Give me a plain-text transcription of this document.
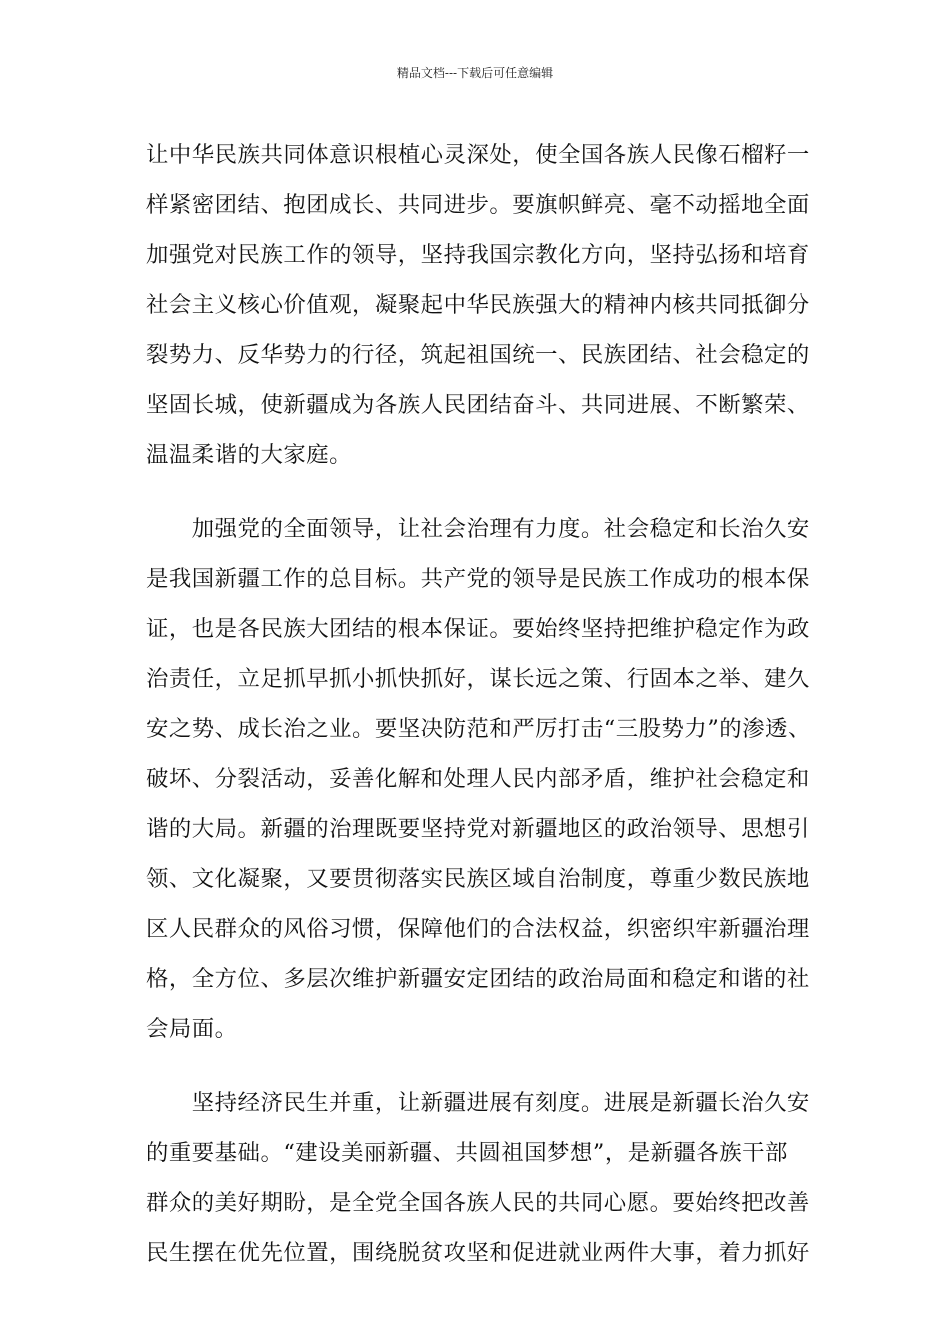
精品文档---下载后可任意编辑
让中华民族共同体意识根植心灵深处，使全国各族人民像石榴籽一
样紧密团结、抱团成长、共同进步。要旗帜鲜亮、毫不动摇地全面
加强党对民族工作的领导，坚持我国宗教化方向，坚持弘扬和培育
社会主义核心价值观，凝聚起中华民族强大的精神内核共同抵御分
裂势力、反华势力的行径，筑起祖国统一、民族团结、社会稳定的
坚固长城，使新疆成为各族人民团结奋斗、共同进展、不断繁荣、
温温柔谐的大家庭。
　　加强党的全面领导，让社会治理有力度。社会稳定和长治久安
是我国新疆工作的总目标。共产党的领导是民族工作成功的根本保
证，也是各民族大团结的根本保证。要始终坚持把维护稳定作为政
治责任，立足抓早抓小抓快抓好，谋长远之策、行固本之举、建久
安之势、成长治之业。要坚决防范和严厉打击“三股势力”的渗透、
破坏、分裂活动，妥善化解和处理人民内部矛盾，维护社会稳定和
谐的大局。新疆的治理既要坚持党对新疆地区的政治领导、思想引
领、文化凝聚，又要贯彻落实民族区域自治制度，尊重少数民族地
区人民群众的风俗习惯，保障他们的合法权益，织密织牢新疆治理
格，全方位、多层次维护新疆安定团结的政治局面和稳定和谐的社
会局面。
　　坚持经济民生并重，让新疆进展有刻度。进展是新疆长治久安
的重要基础。“建设美丽新疆、共圆祖国梦想”，是新疆各族干部
群众的美好期盼，是全党全国各族人民的共同心愿。要始终把改善
民生摆在优先位置，围绕脱贫攻坚和促进就业两件大事，着力抓好
